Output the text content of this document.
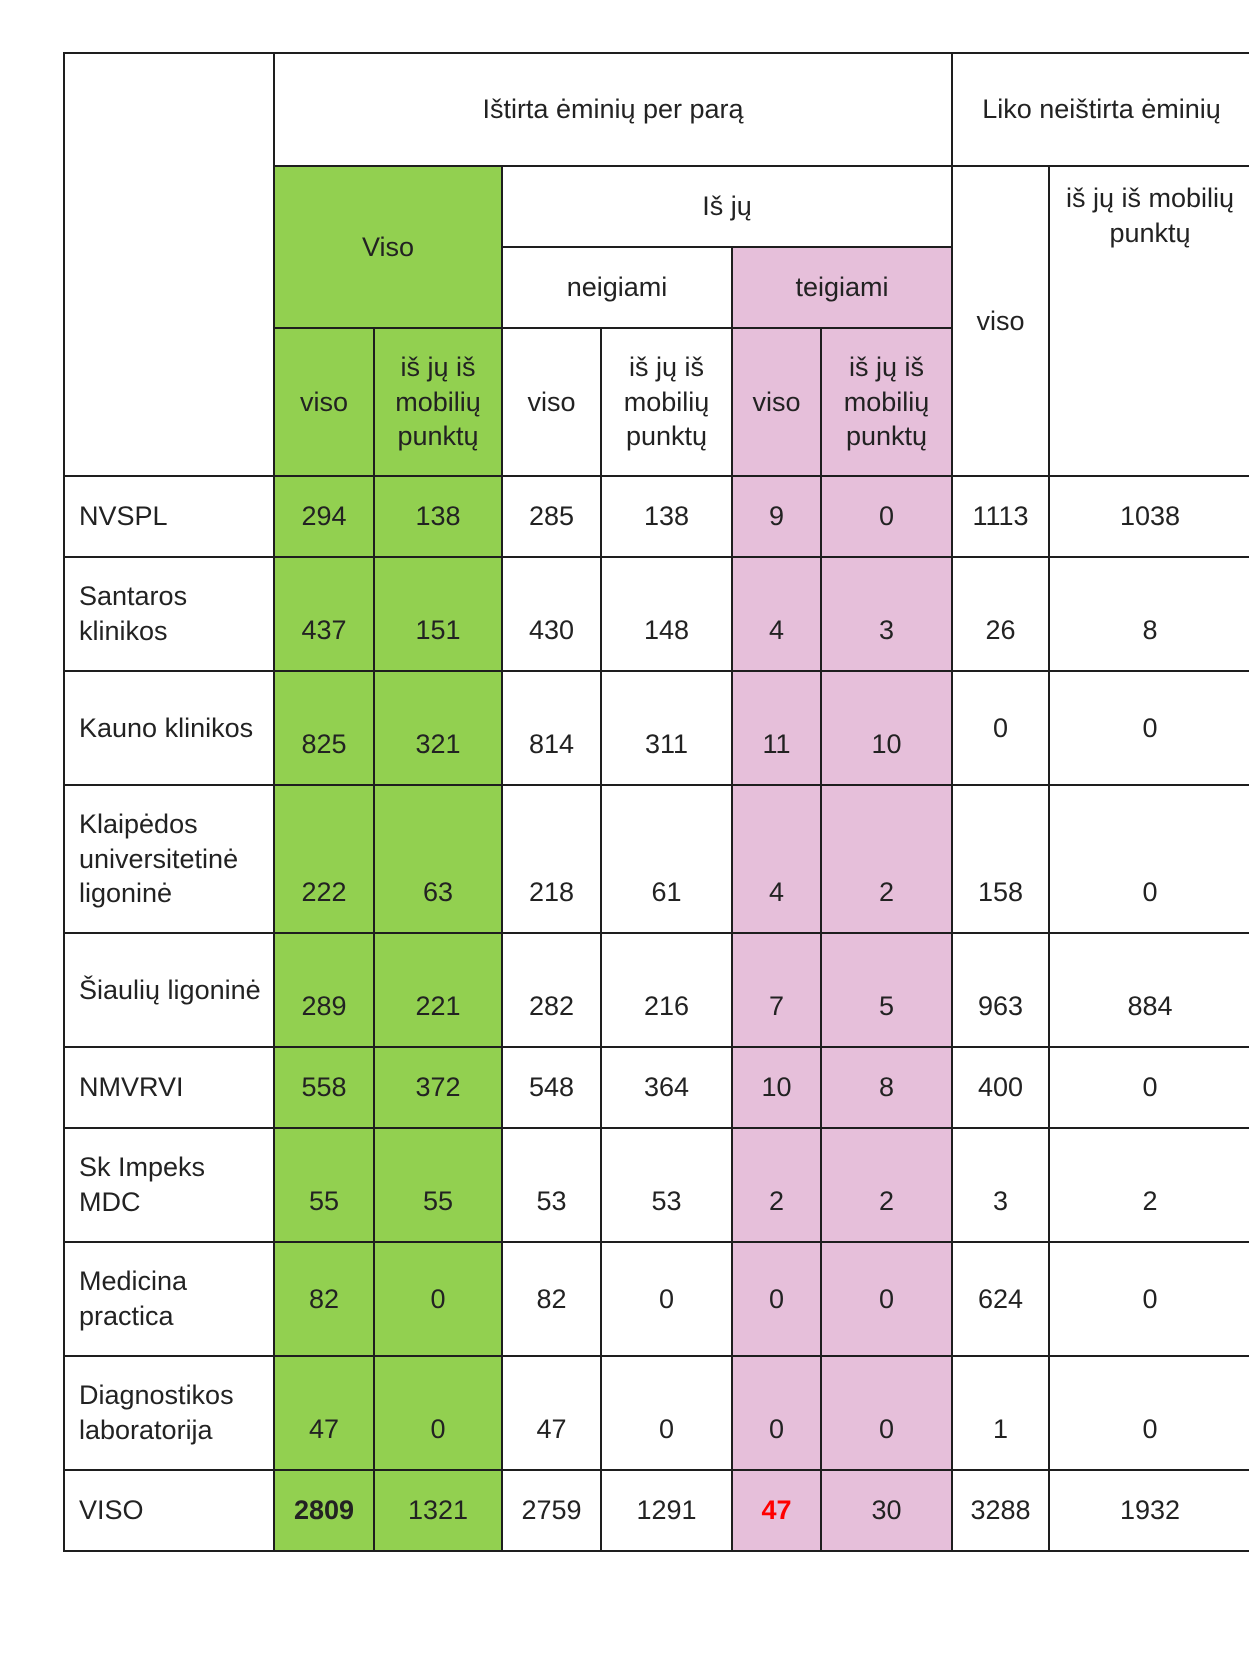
	Ištirta ėminių per parą						Liko neištirta ėminių	
	Viso		Iš jų				viso	iš jų iš mobilių punktų
			neigiami		teigiami			
	viso	iš jų iš mobilių punktų	viso	iš jų iš mobilių punktų	viso	iš jų iš mobilių punktų		
NVSPL	294	138	285	138	9	0	1113	1038
Santaros klinikos	437	151	430	148	4	3	26	8
Kauno klinikos	825	321	814	311	11	10	0	0
Klaipėdos universitetinė ligoninė	222	63	218	61	4	2	158	0
Šiaulių ligoninė	289	221	282	216	7	5	963	884
NMVRVI	558	372	548	364	10	8	400	0
Sk Impeks MDC	55	55	53	53	2	2	3	2
Medicina practica	82	0	82	0	0	0	624	0
Diagnostikos laboratorija	47	0	47	0	0	0	1	0
VISO	2809	1321	2759	1291	47	30	3288	1932
